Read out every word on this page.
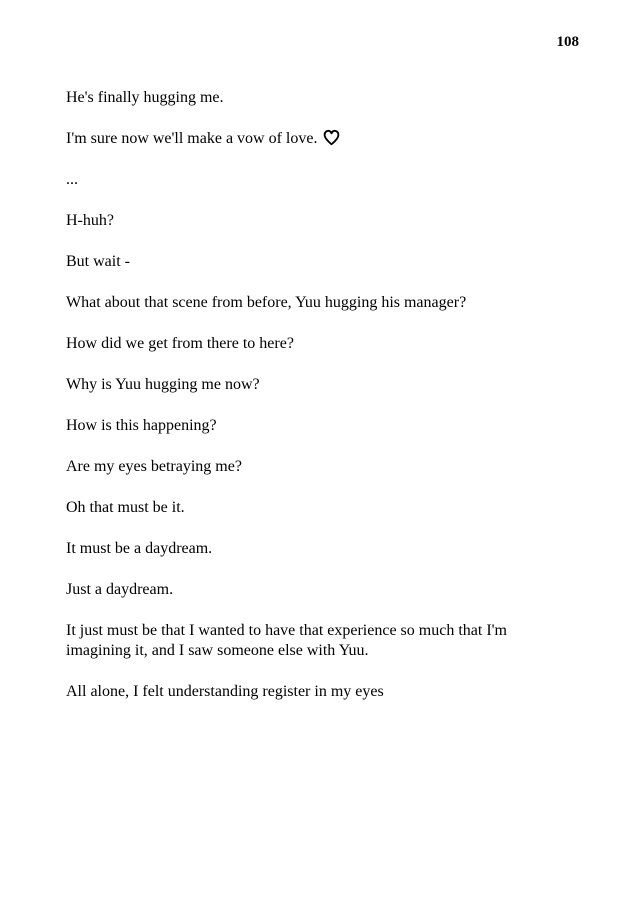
108

He's finally hugging me.

I'm sure now we'll make a vow of love.

...

H-huh?

But wait -

What about that scene from before, Yuu hugging his manager?

How did we get from there to here?

Why is Yuu hugging me now?

How is this happening?

Are my eyes betraying me?

Oh that must be it.

It must be a daydream.

Just a daydream.

It just must be that I wanted to have that experience so much that I'm imagining it, and I saw someone else with Yuu.

All alone, I felt understanding register in my eyes
